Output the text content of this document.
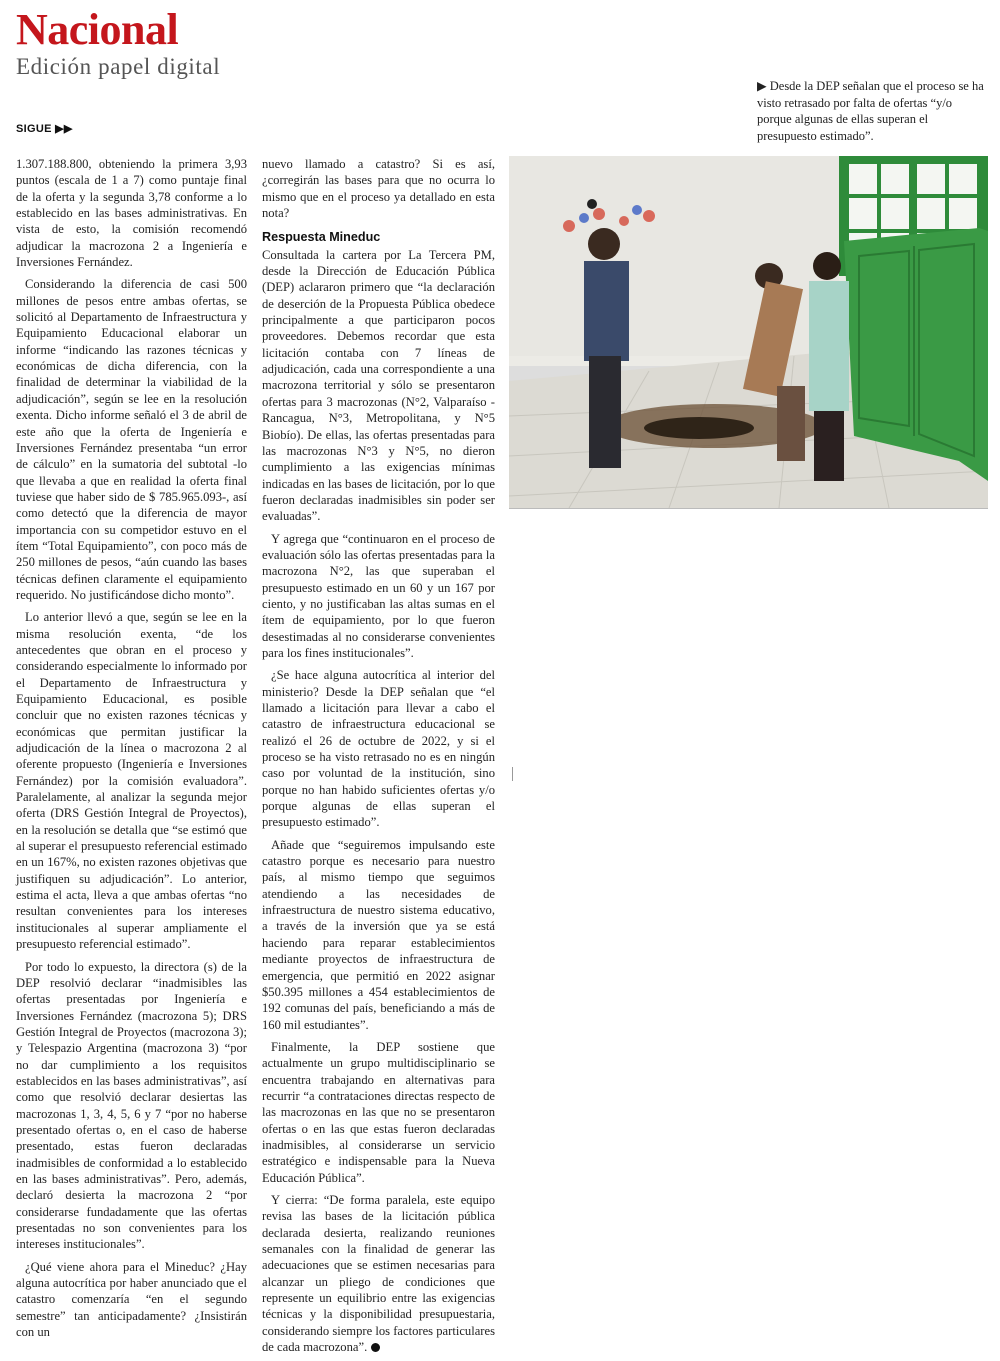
Nacional
Edición papel digital
SIGUE ▶▶
▶ Desde la DEP señalan que el proceso se ha visto retrasado por falta de ofertas “y/o porque algunas de ellas superan el presupuesto estimado”.

1.307.188.800, obteniendo la primera 3,93 puntos (escala de 1 a 7) como puntaje final de la oferta y la segunda 3,78 conforme a lo establecido en las bases administrativas. En vista de esto, la comisión recomendó adjudicar la macrozona 2 a Ingeniería e Inversiones Fernández.

Considerando la diferencia de casi 500 millones de pesos entre ambas ofertas, se solicitó al Departamento de Infraestructura y Equipamiento Educacional elaborar un informe “indicando las razones técnicas y económicas de dicha diferencia, con la finalidad de determinar la viabilidad de la adjudicación”, según se lee en la resolución exenta. Dicho informe señaló el 3 de abril de este año que la oferta de Ingeniería e Inversiones Fernández presentaba “un error de cálculo” en la sumatoria del subtotal -lo que llevaba a que en realidad la oferta final tuviese que haber sido de $ 785.965.093-, así como detectó que la diferencia de mayor importancia con su competidor estuvo en el ítem “Total Equipamiento”, con poco más de 250 millones de pesos, “aún cuando las bases técnicas definen claramente el equipamiento requerido. No justificándose dicho monto”.

Lo anterior llevó a que, según se lee en la misma resolución exenta, “de los antecedentes que obran en el proceso y considerando especialmente lo informado por el Departamento de Infraestructura y Equipamiento Educacional, es posible concluir que no existen razones técnicas y económicas que permitan justificar la adjudicación de la línea o macrozona 2 al oferente propuesto (Ingeniería e Inversiones Fernández) por la comisión evaluadora”. Paralelamente, al analizar la segunda mejor oferta (DRS Gestión Integral de Proyectos), en la resolución se detalla que “se estimó que al superar el presupuesto referencial estimado en un 167%, no existen razones objetivas que justifiquen su adjudicación”. Lo anterior, estima el acta, lleva a que ambas ofertas “no resultan convenientes para los intereses institucionales al superar ampliamente el presupuesto referencial estimado”.

Por todo lo expuesto, la directora (s) de la DEP resolvió declarar “inadmisibles las ofertas presentadas por Ingeniería e Inversiones Fernández (macrozona 5); DRS Gestión Integral de Proyectos (macrozona 3); y Telespazio Argentina (macrozona 3) “por no dar cumplimiento a los requisitos establecidos en las bases administrativas”, así como que resolvió declarar desiertas las macrozonas 1, 3, 4, 5, 6 y 7 “por no haberse presentado ofertas o, en el caso de haberse presentado, estas fueron declaradas inadmisibles de conformidad a lo establecido en las bases administrativas”. Pero, además, declaró desierta la macrozona 2 “por considerarse fundadamente que las ofertas presentadas no son convenientes para los intereses institucionales”.

¿Qué viene ahora para el Mineduc? ¿Hay alguna autocrítica por haber anunciado que el catastro comenzaría “en el segundo semestre” tan anticipadamente? ¿Insistirán con un

nuevo llamado a catastro? Si es así, ¿corregirán las bases para que no ocurra lo mismo que en el proceso ya detallado en esta nota?

Respuesta Mineduc

Consultada la cartera por La Tercera PM, desde la Dirección de Educación Pública (DEP) aclararon primero que “la declaración de deserción de la Propuesta Pública obedece principalmente a que participaron pocos proveedores. Debemos recordar que esta licitación contaba con 7 líneas de adjudicación, cada una correspondiente a una macrozona territorial y sólo se presentaron ofertas para 3 macrozonas (N°2, Valparaíso - Rancagua, N°3, Metropolitana, y N°5 Biobío). De ellas, las ofertas presentadas para las macrozonas N°3 y N°5, no dieron cumplimiento a las exigencias mínimas indicadas en las bases de licitación, por lo que fueron declaradas inadmisibles sin poder ser evaluadas”.

Y agrega que “continuaron en el proceso de evaluación sólo las ofertas presentadas para la macrozona N°2, las que superaban el presupuesto estimado en un 60 y un 167 por ciento, y no justificaban las altas sumas en el ítem de equipamiento, por lo que fueron desestimadas al no considerarse convenientes para los fines institucionales”.

¿Se hace alguna autocrítica al interior del ministerio? Desde la DEP señalan que “el llamado a licitación para llevar a cabo el catastro de infraestructura educacional se realizó el 26 de octubre de 2022, y si el proceso se ha visto retrasado no es en ningún caso por voluntad de la institución, sino porque no han habido suficientes ofertas y/o porque algunas de ellas superan el presupuesto estimado”.

Añade que “seguiremos impulsando este catastro porque es necesario para nuestro país, al mismo tiempo que seguimos atendiendo a las necesidades de infraestructura de nuestro sistema educativo, a través de la inversión que ya se está haciendo para reparar establecimientos mediante proyectos de infraestructura de emergencia, que permitió en 2022 asignar $50.395 millones a 454 establecimientos de 192 comunas del país, beneficiando a más de 160 mil estudiantes”.

Finalmente, la DEP sostiene que actualmente un grupo multidisciplinario se encuentra trabajando en alternativas para recurrir “a contrataciones directas respecto de las macrozonas en las que no se presentaron ofertas o en las que estas fueron declaradas inadmisibles, al considerarse un servicio estratégico e indispensable para la Nueva Educación Pública”.

Y cierra: “De forma paralela, este equipo revisa las bases de la licitación pública declarada desierta, realizando reuniones semanales con la finalidad de generar las adecuaciones que se estimen necesarias para alcanzar un pliego de condiciones que represente un equilibrio entre las exigencias técnicas y la disponibilidad presupuestaria, considerando siempre los factores particulares de cada macrozona”.
